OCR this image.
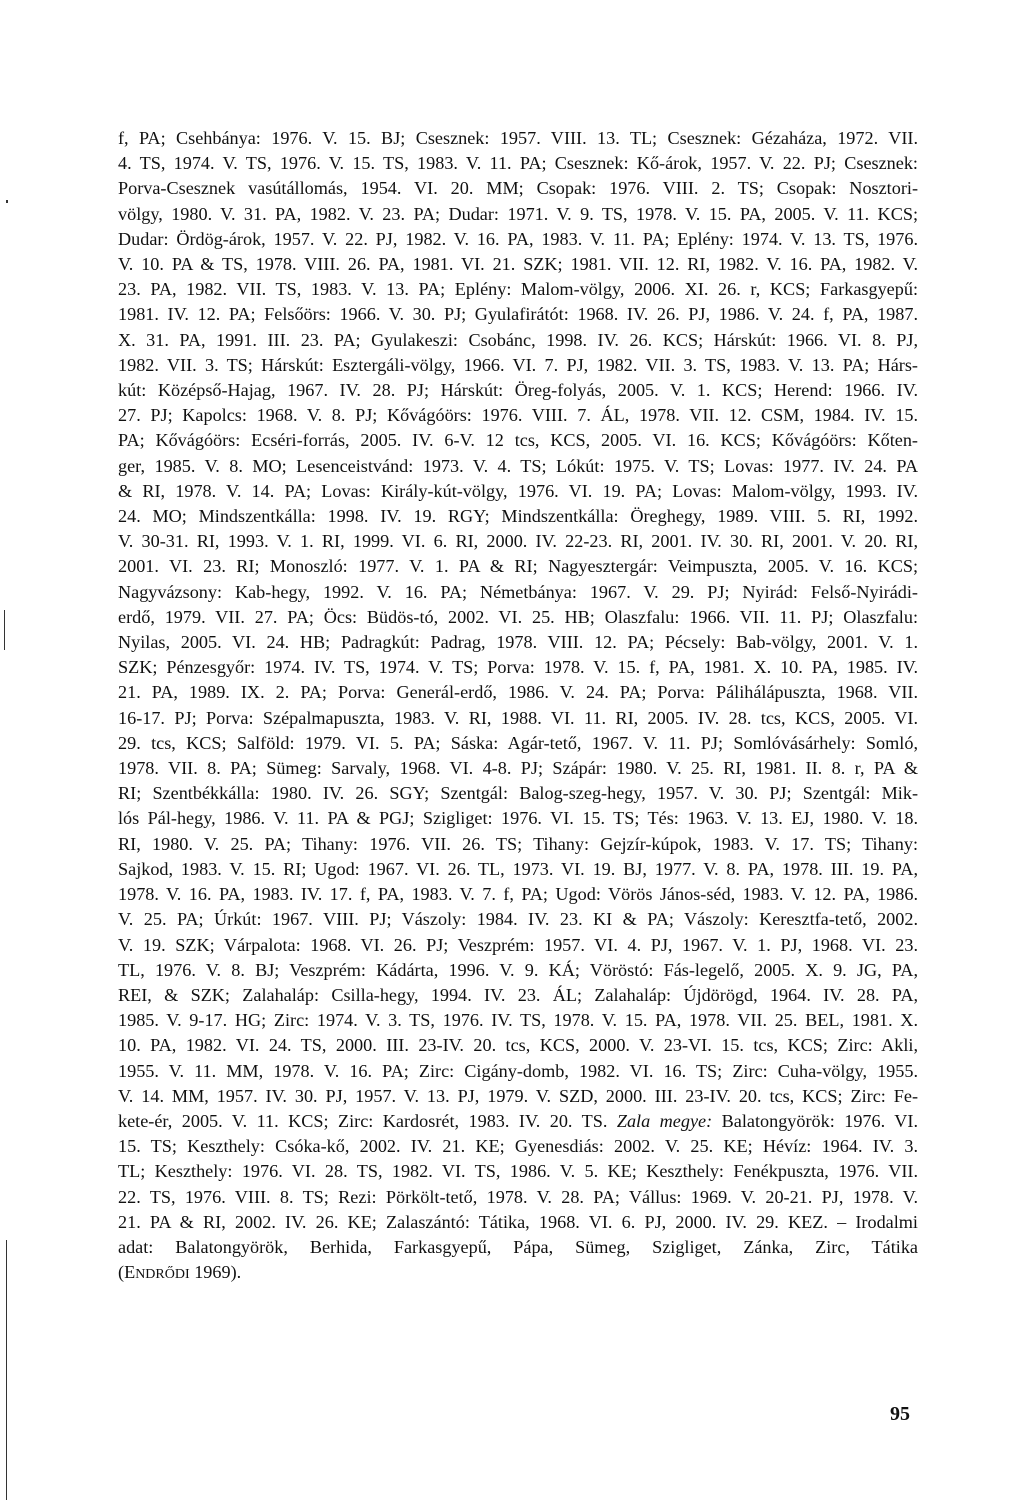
f, PA; Csehbánya: 1976. V. 15. BJ; Csesznek: 1957. VIII. 13. TL; Csesznek: Gézaháza, 1972. VII.
4. TS, 1974. V. TS, 1976. V. 15. TS, 1983. V. 11. PA; Csesznek: Kő-árok, 1957. V. 22. PJ; Csesznek:
Porva-Csesznek vasútállomás, 1954. VI. 20. MM; Csopak: 1976. VIII. 2. TS; Csopak: Nosztori-
völgy, 1980. V. 31. PA, 1982. V. 23. PA; Dudar: 1971. V. 9. TS, 1978. V. 15. PA, 2005. V. 11. KCS;
Dudar: Ördög-árok, 1957. V. 22. PJ, 1982. V. 16. PA, 1983. V. 11. PA; Eplény: 1974. V. 13. TS, 1976.
V. 10. PA & TS, 1978. VIII. 26. PA, 1981. VI. 21. SZK; 1981. VII. 12. RI, 1982. V. 16. PA, 1982. V.
23. PA, 1982. VII. TS, 1983. V. 13. PA; Eplény: Malom-völgy, 2006. XI. 26. r, KCS; Farkasgyepű:
1981. IV. 12. PA; Felsőörs: 1966. V. 30. PJ; Gyulafirátót: 1968. IV. 26. PJ, 1986. V. 24. f, PA, 1987.
X. 31. PA, 1991. III. 23. PA; Gyulakeszi: Csobánc, 1998. IV. 26. KCS; Hárskút: 1966. VI. 8. PJ,
1982. VII. 3. TS; Hárskút: Esztergáli-völgy, 1966. VI. 7. PJ, 1982. VII. 3. TS, 1983. V. 13. PA; Hárs-
kút: Középső-Hajag, 1967. IV. 28. PJ; Hárskút: Öreg-folyás, 2005. V. 1. KCS; Herend: 1966. IV.
27. PJ; Kapolcs: 1968. V. 8. PJ; Kővágóörs: 1976. VIII. 7. ÁL, 1978. VII. 12. CSM, 1984. IV. 15.
PA; Kővágóörs: Ecséri-forrás, 2005. IV. 6-V. 12 tcs, KCS, 2005. VI. 16. KCS; Kővágóörs: Kőten-
ger, 1985. V. 8. MO; Lesenceistvánd: 1973. V. 4. TS; Lókút: 1975. V. TS; Lovas: 1977. IV. 24. PA
& RI, 1978. V. 14. PA; Lovas: Király-kút-völgy, 1976. VI. 19. PA; Lovas: Malom-völgy, 1993. IV.
24. MO; Mindszentkálla: 1998. IV. 19. RGY; Mindszentkálla: Öreghegy, 1989. VIII. 5. RI, 1992.
V. 30-31. RI, 1993. V. 1. RI, 1999. VI. 6. RI, 2000. IV. 22-23. RI, 2001. IV. 30. RI, 2001. V. 20. RI,
2001. VI. 23. RI; Monoszló: 1977. V. 1. PA & RI; Nagyesztergár: Veimpuszta, 2005. V. 16. KCS;
Nagyvázsony: Kab-hegy, 1992. V. 16. PA; Németbánya: 1967. V. 29. PJ; Nyirád: Felső-Nyirádi-
erdő, 1979. VII. 27. PA; Öcs: Büdös-tó, 2002. VI. 25. HB; Olaszfalu: 1966. VII. 11. PJ; Olaszfalu:
Nyilas, 2005. VI. 24. HB; Padragkút: Padrag, 1978. VIII. 12. PA; Pécsely: Bab-völgy, 2001. V. 1.
SZK; Pénzesgyőr: 1974. IV. TS, 1974. V. TS; Porva: 1978. V. 15. f, PA, 1981. X. 10. PA, 1985. IV.
21. PA, 1989. IX. 2. PA; Porva: Generál-erdő, 1986. V. 24. PA; Porva: Pálihálápuszta, 1968. VII.
16-17. PJ; Porva: Szépalmapuszta, 1983. V. RI, 1988. VI. 11. RI, 2005. IV. 28. tcs, KCS, 2005. VI.
29. tcs, KCS; Salföld: 1979. VI. 5. PA; Sáska: Agár-tető, 1967. V. 11. PJ; Somlóvásárhely: Somló,
1978. VII. 8. PA; Sümeg: Sarvaly, 1968. VI. 4-8. PJ; Szápár: 1980. V. 25. RI, 1981. II. 8. r, PA &
RI; Szentbékkálla: 1980. IV. 26. SGY; Szentgál: Balog-szeg-hegy, 1957. V. 30. PJ; Szentgál: Mik-
lós Pál-hegy, 1986. V. 11. PA & PGJ; Szigliget: 1976. VI. 15. TS; Tés: 1963. V. 13. EJ, 1980. V. 18.
RI, 1980. V. 25. PA; Tihany: 1976. VII. 26. TS; Tihany: Gejzír-kúpok, 1983. V. 17. TS; Tihany:
Sajkod, 1983. V. 15. RI; Ugod: 1967. VI. 26. TL, 1973. VI. 19. BJ, 1977. V. 8. PA, 1978. III. 19. PA,
1978. V. 16. PA, 1983. IV. 17. f, PA, 1983. V. 7. f, PA; Ugod: Vörös János-séd, 1983. V. 12. PA, 1986.
V. 25. PA; Úrkút: 1967. VIII. PJ; Vászoly: 1984. IV. 23. KI & PA; Vászoly: Keresztfa-tető, 2002.
V. 19. SZK; Várpalota: 1968. VI. 26. PJ; Veszprém: 1957. VI. 4. PJ, 1967. V. 1. PJ, 1968. VI. 23.
TL, 1976. V. 8. BJ; Veszprém: Kádárta, 1996. V. 9. KÁ; Vöröstó: Fás-legelő, 2005. X. 9. JG, PA,
REI, & SZK; Zalahaláp: Csilla-hegy, 1994. IV. 23. ÁL; Zalahaláp: Újdörögd, 1964. IV. 28. PA,
1985. V. 9-17. HG; Zirc: 1974. V. 3. TS, 1976. IV. TS, 1978. V. 15. PA, 1978. VII. 25. BEL, 1981. X.
10. PA, 1982. VI. 24. TS, 2000. III. 23-IV. 20. tcs, KCS, 2000. V. 23-VI. 15. tcs, KCS; Zirc: Akli,
1955. V. 11. MM, 1978. V. 16. PA; Zirc: Cigány-domb, 1982. VI. 16. TS; Zirc: Cuha-völgy, 1955.
V. 14. MM, 1957. IV. 30. PJ, 1957. V. 13. PJ, 1979. V. SZD, 2000. III. 23-IV. 20. tcs, KCS; Zirc: Fe-
kete-ér, 2005. V. 11. KCS; Zirc: Kardosrét, 1983. IV. 20. TS. Zala megye: Balatongyörök: 1976. VI.
15. TS; Keszthely: Csóka-kő, 2002. IV. 21. KE; Gyenesdiás: 2002. V. 25. KE; Hévíz: 1964. IV. 3.
TL; Keszthely: 1976. VI. 28. TS, 1982. VI. TS, 1986. V. 5. KE; Keszthely: Fenékpuszta, 1976. VII.
22. TS, 1976. VIII. 8. TS; Rezi: Pörkölt-tető, 1978. V. 28. PA; Vállus: 1969. V. 20-21. PJ, 1978. V.
21. PA & RI, 2002. IV. 26. KE; Zalaszántó: Tátika, 1968. VI. 6. PJ, 2000. IV. 29. KEZ. – Irodalmi
adat: Balatongyörök, Berhida, Farkasgyepű, Pápa, Sümeg, Szigliget, Zánka, Zirc, Tátika
(ENDRŐDI 1969).
95
